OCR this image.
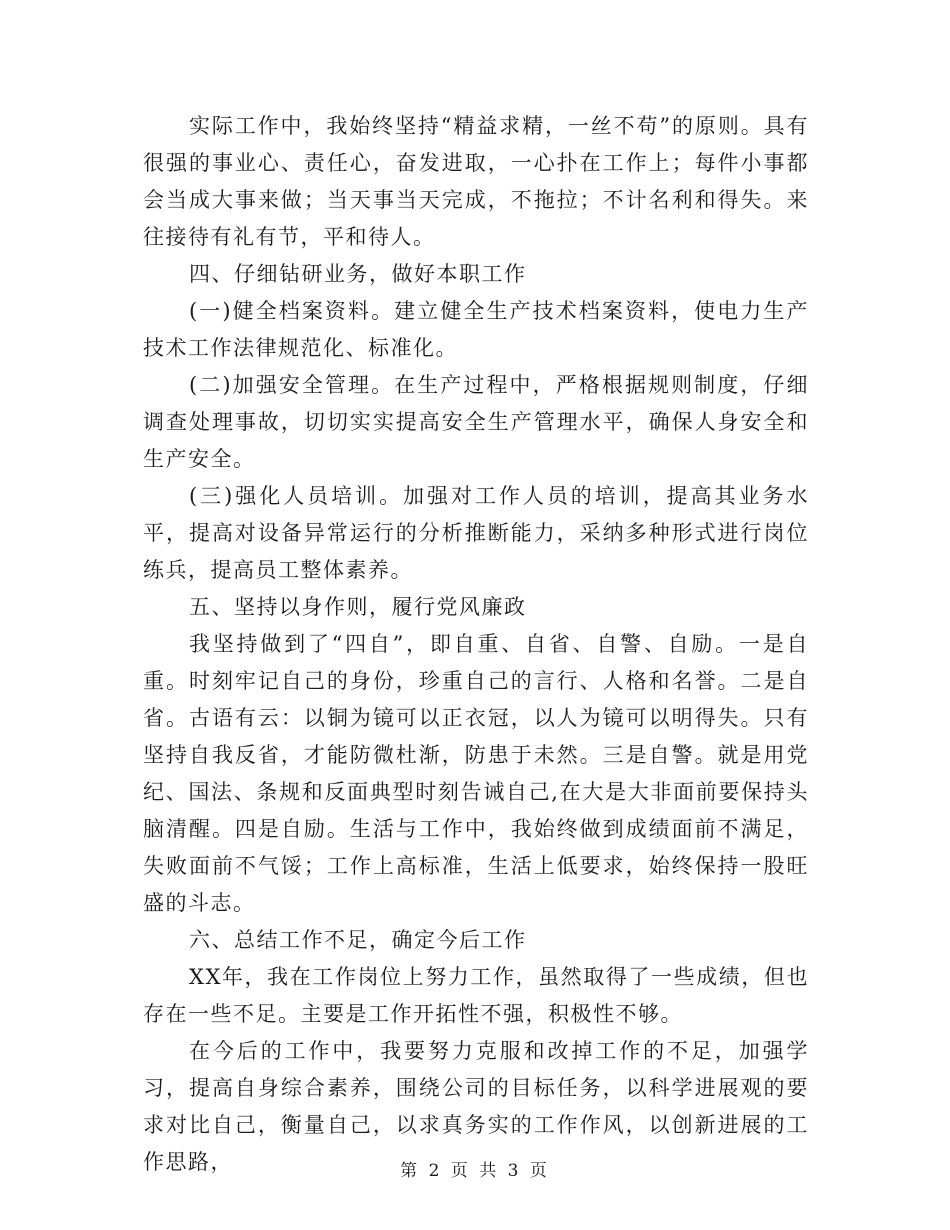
实际工作中，我始终坚持“精益求精，一丝不苟”的原则。具有很强的事业心、责任心，奋发进取，一心扑在工作上；每件小事都会当成大事来做；当天事当天完成，不拖拉；不计名利和得失。来往接待有礼有节，平和待人。

四、仔细钻研业务，做好本职工作

(一)健全档案资料。建立健全生产技术档案资料，使电力生产技术工作法律规范化、标准化。

(二)加强安全管理。在生产过程中，严格根据规则制度，仔细调查处理事故，切切实实提高安全生产管理水平，确保人身安全和生产安全。

(三)强化人员培训。加强对工作人员的培训，提高其业务水平，提高对设备异常运行的分析推断能力，采纳多种形式进行岗位练兵，提高员工整体素养。

五、坚持以身作则，履行党风廉政

我坚持做到了“四自”，即自重、自省、自警、自励。一是自重。时刻牢记自己的身份，珍重自己的言行、人格和名誉。二是自省。古语有云：以铜为镜可以正衣冠，以人为镜可以明得失。只有坚持自我反省，才能防微杜渐，防患于未然。三是自警。就是用党纪、国法、条规和反面典型时刻告诫自己,在大是大非面前要保持头脑清醒。四是自励。生活与工作中，我始终做到成绩面前不满足，失败面前不气馁；工作上高标准，生活上低要求，始终保持一股旺盛的斗志。

六、总结工作不足，确定今后工作

XX年，我在工作岗位上努力工作，虽然取得了一些成绩，但也存在一些不足。主要是工作开拓性不强，积极性不够。

在今后的工作中，我要努力克服和改掉工作的不足，加强学习，提高自身综合素养，围绕公司的目标任务，以科学进展观的要求对比自己，衡量自己，以求真务实的工作作风，以创新进展的工作思路，	第 2 页 共 3 页
